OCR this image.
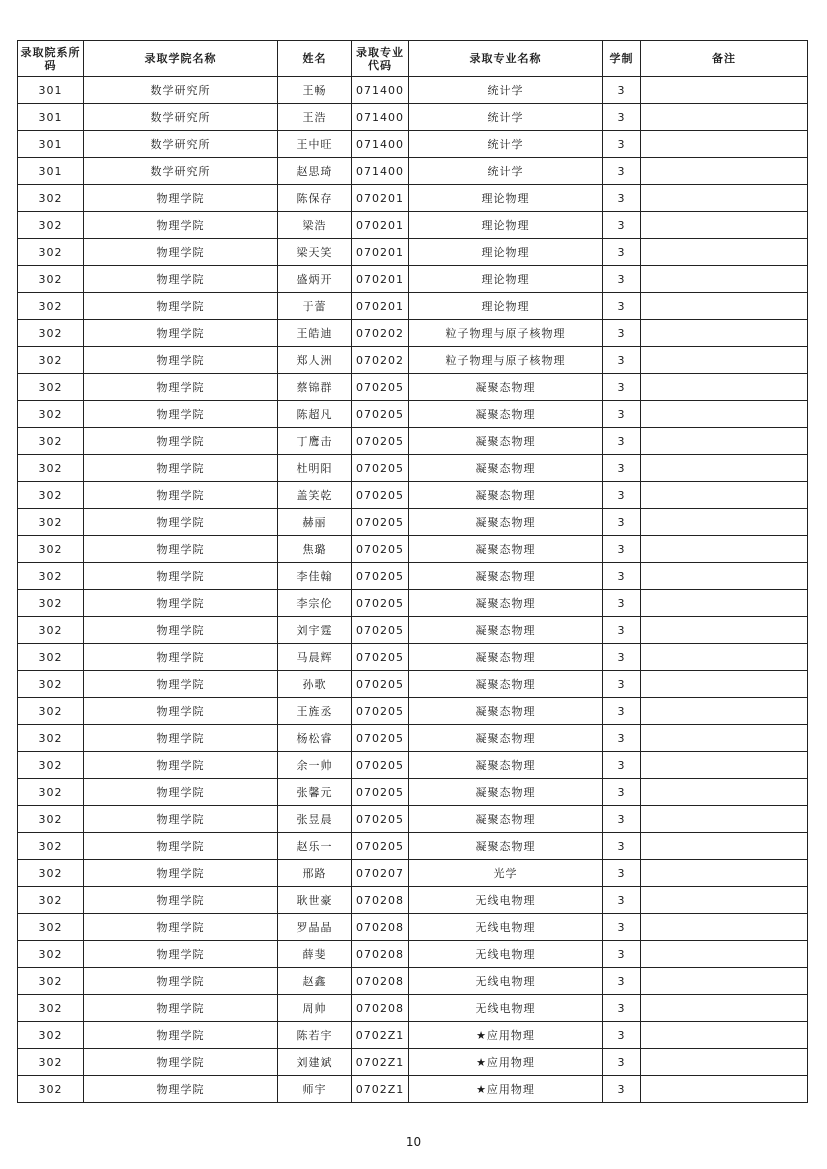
录取院系所码	录取学院名称	姓名	录取专业代码	录取专业名称	学制	备注
301	数学研究所	王畅	071400	统计学	3	
301	数学研究所	王浩	071400	统计学	3	
301	数学研究所	王中旺	071400	统计学	3	
301	数学研究所	赵思琦	071400	统计学	3	
302	物理学院	陈保存	070201	理论物理	3	
302	物理学院	梁浩	070201	理论物理	3	
302	物理学院	梁天笑	070201	理论物理	3	
302	物理学院	盛炳开	070201	理论物理	3	
302	物理学院	于蕾	070201	理论物理	3	
302	物理学院	王皓迪	070202	粒子物理与原子核物理	3	
302	物理学院	郑人洲	070202	粒子物理与原子核物理	3	
302	物理学院	蔡锦群	070205	凝聚态物理	3	
302	物理学院	陈超凡	070205	凝聚态物理	3	
302	物理学院	丁鹰击	070205	凝聚态物理	3	
302	物理学院	杜明阳	070205	凝聚态物理	3	
302	物理学院	盖笑乾	070205	凝聚态物理	3	
302	物理学院	赫丽	070205	凝聚态物理	3	
302	物理学院	焦璐	070205	凝聚态物理	3	
302	物理学院	李佳翰	070205	凝聚态物理	3	
302	物理学院	李宗伦	070205	凝聚态物理	3	
302	物理学院	刘宇霆	070205	凝聚态物理	3	
302	物理学院	马晨辉	070205	凝聚态物理	3	
302	物理学院	孙歌	070205	凝聚态物理	3	
302	物理学院	王旌丞	070205	凝聚态物理	3	
302	物理学院	杨松睿	070205	凝聚态物理	3	
302	物理学院	余一帅	070205	凝聚态物理	3	
302	物理学院	张馨元	070205	凝聚态物理	3	
302	物理学院	张昱晨	070205	凝聚态物理	3	
302	物理学院	赵乐一	070205	凝聚态物理	3	
302	物理学院	邢路	070207	光学	3	
302	物理学院	耿世豪	070208	无线电物理	3	
302	物理学院	罗晶晶	070208	无线电物理	3	
302	物理学院	薛斐	070208	无线电物理	3	
302	物理学院	赵鑫	070208	无线电物理	3	
302	物理学院	周帅	070208	无线电物理	3	
302	物理学院	陈若宇	0702Z1	★应用物理	3	
302	物理学院	刘建斌	0702Z1	★应用物理	3	
302	物理学院	师宇	0702Z1	★应用物理	3	
10
